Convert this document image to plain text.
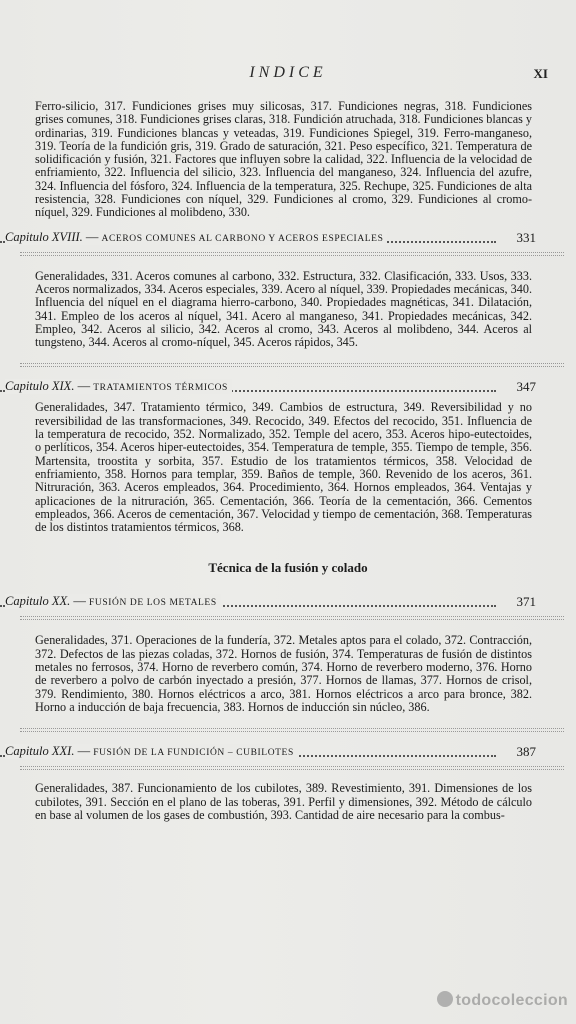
INDICE	XI

Ferro-silicio, 317. Fundiciones grises muy silicosas, 317. Fundiciones negras, 318. Fundiciones grises comunes, 318. Fundiciones grises claras, 318. Fundición atruchada, 318. Fundiciones blancas y ordinarias, 319. Fundiciones blancas y veteadas, 319. Fundiciones Spiegel, 319. Ferro-manganeso, 319. Teoría de la fundición gris, 319. Grado de saturación, 321. Peso específico, 321. Temperatura de solidificación y fusión, 321. Factores que influyen sobre la calidad, 322. Influencia de la velocidad de enfriamiento, 322. Influencia del silicio, 323. Influencia del manganeso, 324. Influencia del azufre, 324. Influencia del fósforo, 324. Influencia de la temperatura, 325. Rechupe, 325. Fundiciones de alta resistencia, 328. Fundiciones con níquel, 329. Fundiciones al cromo, 329. Fundiciones al cromo-níquel, 329. Fundiciones al molibdeno, 330.

Capitulo XVIII. — ACEROS COMUNES AL CARBONO Y ACEROS ESPECIALES	331

Generalidades, 331. Aceros comunes al carbono, 332. Estructura, 332. Clasificación, 333. Usos, 333. Aceros normalizados, 334. Aceros especiales, 339. Acero al níquel, 339. Propiedades mecánicas, 340. Influencia del níquel en el diagrama hierro-carbono, 340. Propiedades magnéticas, 341. Dilatación, 341. Empleo de los aceros al níquel, 341. Acero al manganeso, 341. Propiedades mecánicas, 342. Empleo, 342. Aceros al silicio, 342. Aceros al cromo, 343. Aceros al molibdeno, 344. Aceros al tungsteno, 344. Aceros al cromo-níquel, 345. Aceros rápidos, 345.

Capitulo XIX. — TRATAMIENTOS TÉRMICOS	347

Generalidades, 347. Tratamiento térmico, 349. Cambios de estructura, 349. Reversibilidad y no reversibilidad de las transformaciones, 349. Recocido, 349. Efectos del recocido, 351. Influencia de la temperatura de recocido, 352. Normalizado, 352. Temple del acero, 353. Aceros hipo-eutectoides, o perlíticos, 354. Aceros hiper-eutectoides, 354. Temperatura de temple, 355. Tiempo de temple, 356. Martensita, troostita y sorbita, 357. Estudio de los tratamientos térmicos, 358. Velocidad de enfriamiento, 358. Hornos para templar, 359. Baños de temple, 360. Revenido de los aceros, 361. Nitruración, 363. Aceros empleados, 364. Procedimiento, 364. Hornos empleados, 364. Ventajas y aplicaciones de la nitruración, 365. Cementación, 366. Teoría de la cementación, 366. Cementos empleados, 366. Aceros de cementación, 367. Velocidad y tiempo de cementación, 368. Temperaturas de los distintos tratamientos térmicos, 368.

Técnica de la fusión y colado
Capitulo XX. — FUSIÓN DE LOS METALES	371

Generalidades, 371. Operaciones de la fundería, 372. Metales aptos para el colado, 372. Contracción, 372. Defectos de las piezas coladas, 372. Hornos de fusión, 374. Temperaturas de fusión de distintos metales no ferrosos, 374. Horno de reverbero común, 374. Horno de reverbero moderno, 376. Horno de reverbero a polvo de carbón inyectado a presión, 377. Hornos de llamas, 377. Hornos de crisol, 379. Rendimiento, 380. Hornos eléctricos a arco, 381. Hornos eléctricos a arco para bronce, 382. Horno a inducción de baja frecuencia, 383. Hornos de inducción sin núcleo, 386.

Capitulo XXI. — FUSIÓN DE LA FUNDICIÓN – CUBILOTES	387

Generalidades, 387. Funcionamiento de los cubilotes, 389. Revestimiento, 391. Dimensiones de los cubilotes, 391. Sección en el plano de las toberas, 391. Perfil y dimensiones, 392. Método de cálculo en base al volumen de los gases de combustión, 393. Cantidad de aire necesario para la combus-

todocoleccion
